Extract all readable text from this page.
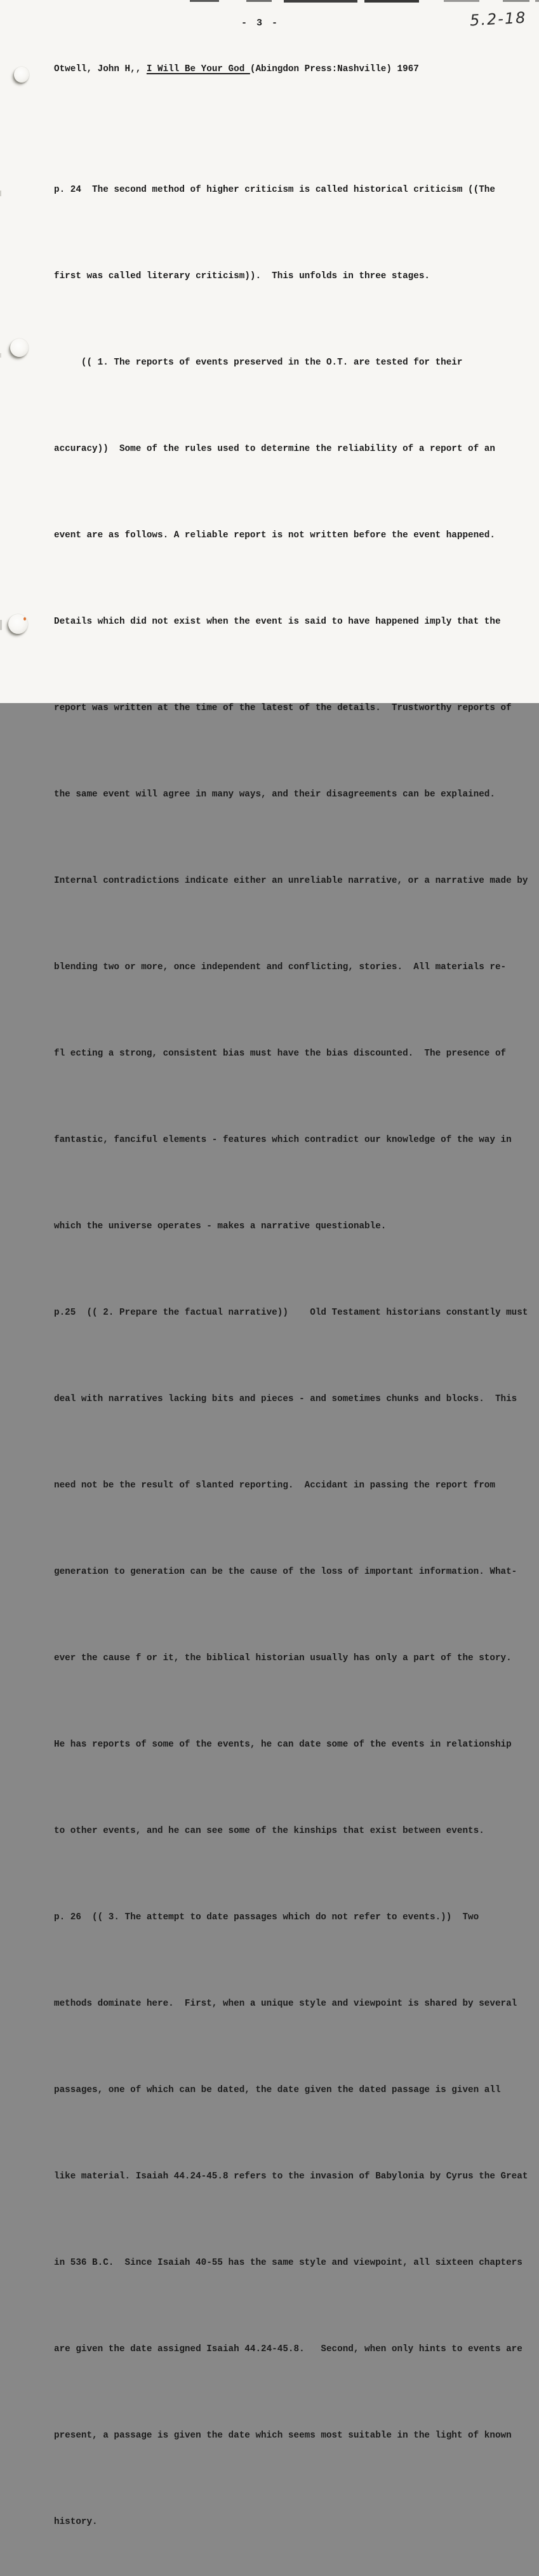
- 3 -	5.2-18
Otwell, John H,, I Will Be Your God (Abingdon Press:Nashville) 1967

p. 24  The second method of higher criticism is called historical criticism ((The

first was called literary criticism)).  This unfolds in three stages.

(( 1. The reports of events preserved in the O.T. are tested for their

accuracy))  Some of the rules used to determine the reliability of a report of an

event are as follows. A reliable report is not written before the event happened.

Details which did not exist when the event is said to have happened imply that the

report was written at the time of the latest of the details.  Trustworthy reports of

the same event will agree in many ways, and their disagreements can be explained.

Internal contradictions indicate either an unreliable narrative, or a narrative made by

blending two or more, once independent and conflicting, stories.  All materials re-

fl ecting a strong, consistent bias must have the bias discounted.  The presence of

fantastic, fanciful elements - features which contradict our knowledge of the way in

which the universe operates - makes a narrative questionable.

p.25  (( 2. Prepare the factual narrative))    Old Testament historians constantly must

deal with narratives lacking bits and pieces - and sometimes chunks and blocks.  This

need not be the result of slanted reporting.  Accidant in passing the report from

generation to generation can be the cause of the loss of important information. What-

ever the cause f or it, the biblical historian usually has only a part of the story.

He has reports of some of the events, he can date some of the events in relationship

to other events, and he can see some of the kinships that exist between events.

p. 26  (( 3. The attempt to date passages which do not refer to events.))  Two

methods dominate here.  First, when a unique style and viewpoint is shared by several

passages, one of which can be dated, the date given the dated passage is given all

like material. Isaiah 44.24-45.8 refers to the invasion of Babylonia by Cyrus the Great

in 536 B.C.  Since Isaiah 40-55 has the same style and viewpoint, all sixteen chapters

are given the date assigned Isaiah 44.24-45.8.   Second, when only hints to events are

present, a passage is given the date which seems most suitable in the light of known

history.
